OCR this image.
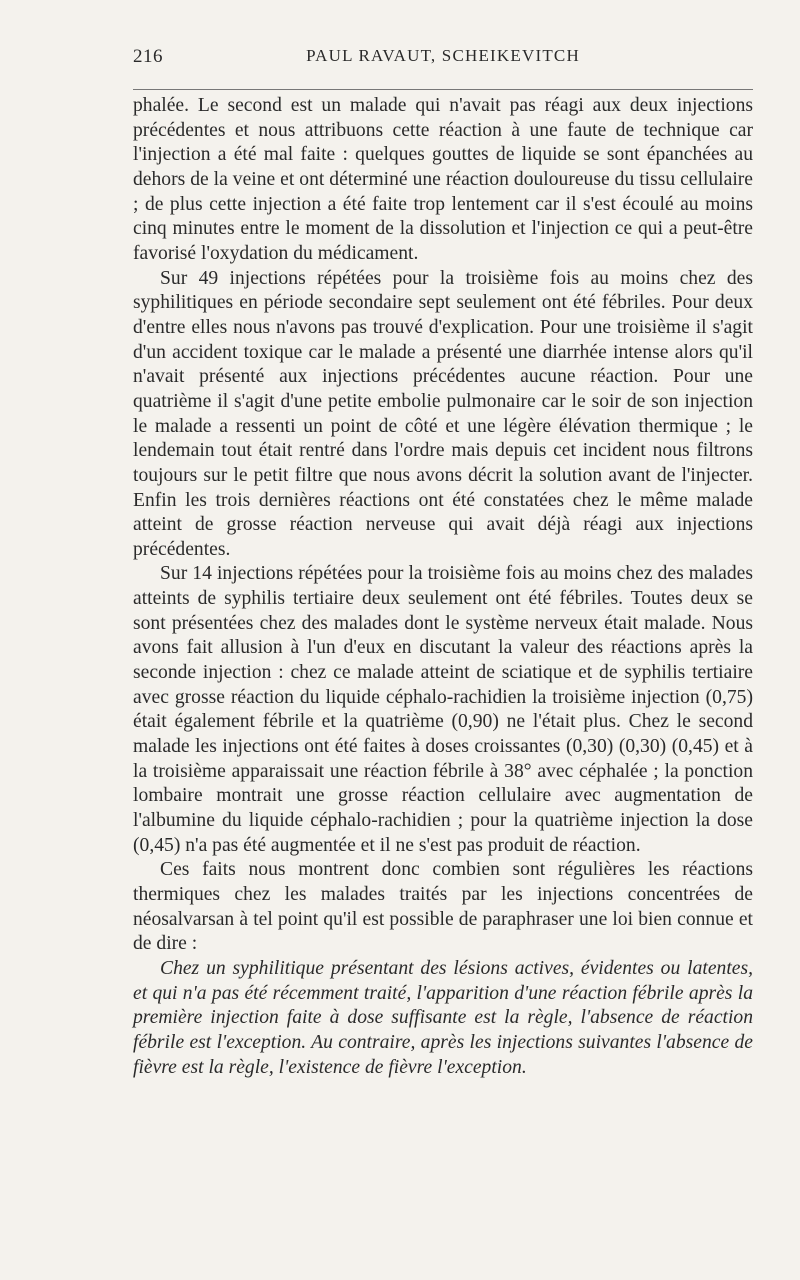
216	PAUL RAVAUT, SCHEIKEVITCH

phalée. Le second est un malade qui n'avait pas réagi aux deux injections précédentes et nous attribuons cette réaction à une faute de technique car l'injection a été mal faite : quelques gouttes de liquide se sont épanchées au dehors de la veine et ont déterminé une réaction douloureuse du tissu cellulaire ; de plus cette injection a été faite trop lentement car il s'est écoulé au moins cinq minutes entre le moment de la dissolution et l'injection ce qui a peut-être favorisé l'oxydation du médicament.

Sur 49 injections répétées pour la troisième fois au moins chez des syphilitiques en période secondaire sept seulement ont été fébriles. Pour deux d'entre elles nous n'avons pas trouvé d'explication. Pour une troisième il s'agit d'un accident toxique car le malade a présenté une diarrhée intense alors qu'il n'avait présenté aux injections précédentes aucune réaction. Pour une quatrième il s'agit d'une petite embolie pulmonaire car le soir de son injection le malade a ressenti un point de côté et une légère élévation thermique ; le lendemain tout était rentré dans l'ordre mais depuis cet incident nous filtrons toujours sur le petit filtre que nous avons décrit la solution avant de l'injecter. Enfin les trois dernières réactions ont été constatées chez le même malade atteint de grosse réaction nerveuse qui avait déjà réagi aux injections précédentes.

Sur 14 injections répétées pour la troisième fois au moins chez des malades atteints de syphilis tertiaire deux seulement ont été fébriles. Toutes deux se sont présentées chez des malades dont le système nerveux était malade. Nous avons fait allusion à l'un d'eux en discutant la valeur des réactions après la seconde injection : chez ce malade atteint de sciatique et de syphilis tertiaire avec grosse réaction du liquide céphalo-rachidien la troisième injection (0,75) était également fébrile et la quatrième (0,90) ne l'était plus. Chez le second malade les injections ont été faites à doses croissantes (0,30) (0,30) (0,45) et à la troisième apparaissait une réaction fébrile à 38° avec céphalée ; la ponction lombaire montrait une grosse réaction cellulaire avec augmentation de l'albumine du liquide céphalo-rachidien ; pour la quatrième injection la dose (0,45) n'a pas été augmentée et il ne s'est pas produit de réaction.

Ces faits nous montrent donc combien sont régulières les réactions thermiques chez les malades traités par les injections concentrées de néosalvarsan à tel point qu'il est possible de paraphraser une loi bien connue et de dire :

Chez un syphilitique présentant des lésions actives, évidentes ou latentes, et qui n'a pas été récemment traité, l'apparition d'une réaction fébrile après la première injection faite à dose suffisante est la règle, l'absence de réaction fébrile est l'exception. Au contraire, après les injections suivantes l'absence de fièvre est la règle, l'existence de fièvre l'exception.
